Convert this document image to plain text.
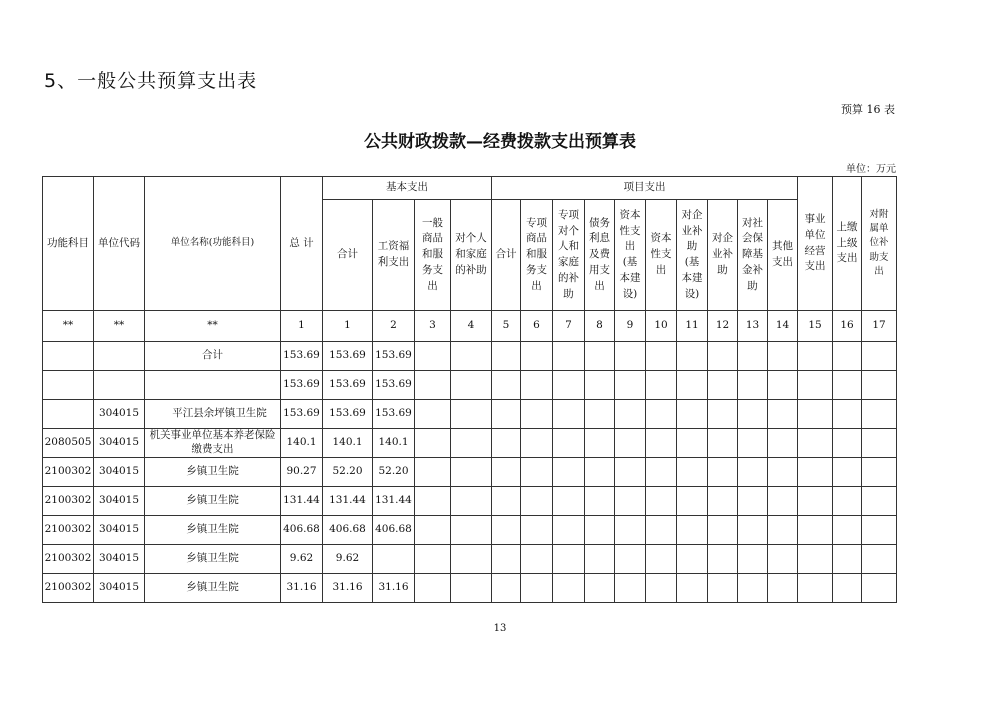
5、一般公共预算支出表
预算 16 表
公共财政拨款—经费拨款支出预算表
单位：万元
功能科目	单位代码	单位名称(功能科目)	总 计	基本支出				项目支出										事业单位经营支出	上缴上级支出	对附属单位补助支出

				合计	工资福利支出	一般商品和服务支出	对个人和家庭的补助	合计	专项商品和服务支出	专项对个人和家庭的补助	债务利息及费用支出	资本性支出(基本建设)	资本性支出	对企业补助(基本建设)	对企业补助	对社会保障基金补助	其他支出			

**	**	**	1	1	2	3	4	5	6	7	8	9	10	11	12	13	14	15	16	17
		合计	153.69	153.69	153.69															
			153.69	153.69	153.69															
	304015	平江县余坪镇卫生院	153.69	153.69	153.69															
2080505	304015	机关事业单位基本养老保险缴费支出	140.1	140.1	140.1															
2100302	304015	乡镇卫生院	90.27	52.20	52.20															
2100302	304015	乡镇卫生院	131.44	131.44	131.44															
2100302	304015	乡镇卫生院	406.68	406.68	406.68															
2100302	304015	乡镇卫生院	9.62	9.62																
2100302	304015	乡镇卫生院	31.16	31.16	31.16															
13
